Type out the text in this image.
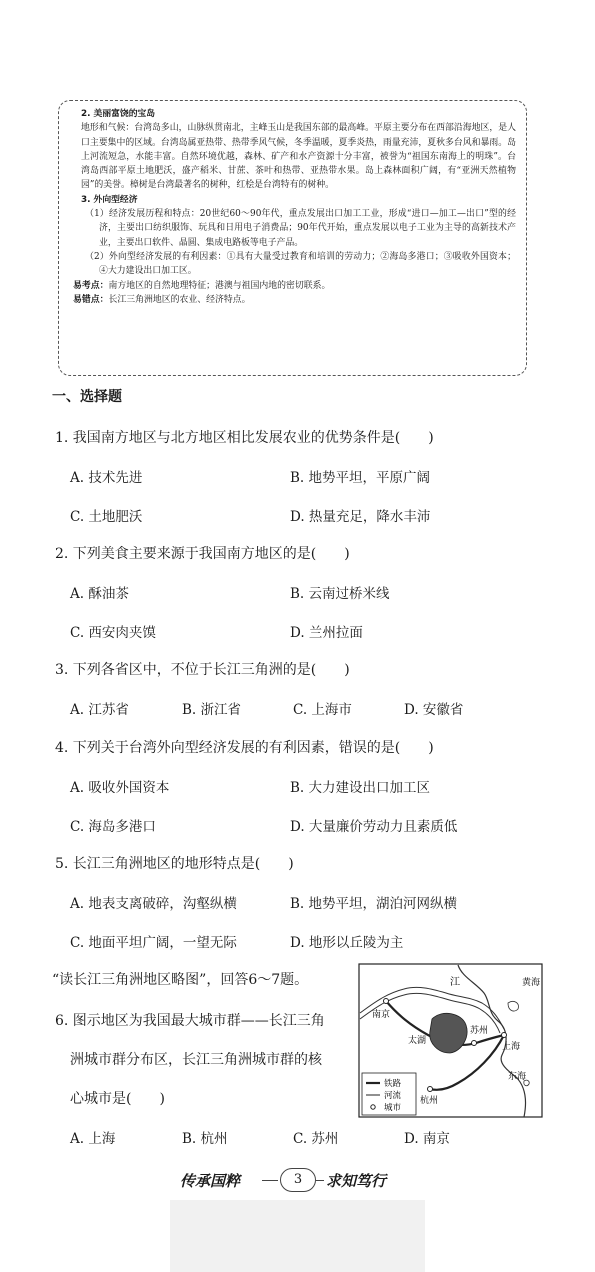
2. 美丽富饶的宝岛

地形和气候：台湾岛多山，山脉纵贯南北，主峰玉山是我国东部的最高峰。平原主要分布在西部沿海地区，是人口主要集中的区域。台湾岛属亚热带、热带季风气候，冬季温暖，夏季炎热，雨量充沛，夏秋多台风和暴雨。岛上河流短急，水能丰富。自然环境优越，森林、矿产和水产资源十分丰富，被誉为“祖国东南海上的明珠”。台湾岛西部平原土地肥沃，盛产稻米、甘蔗、茶叶和热带、亚热带水果。岛上森林面积广阔，有“亚洲天然植物园”的美誉。樟树是台湾最著名的树种，红桧是台湾特有的树种。

3. 外向型经济

（1）经济发展历程和特点：20世纪60～90年代，重点发展出口加工工业，形成“进口—加工—出口”型的经济，主要出口纺织服饰、玩具和日用电子消费品；90年代开始，重点发展以电子工业为主导的高新技术产业，主要出口软件、晶圆、集成电路板等电子产品。

（2）外向型经济发展的有利因素：①具有大量受过教育和培训的劳动力；②海岛多港口；③吸收外国资本；④大力建设出口加工区。

易考点：南方地区的自然地理特征；港澳与祖国内地的密切联系。

易错点：长江三角洲地区的农业、经济特点。

一、选择题
1. 我国南方地区与北方地区相比发展农业的优势条件是(　　)
A. 技术先进	B. 地势平坦，平原广阔
C. 土地肥沃	D. 热量充足，降水丰沛
2. 下列美食主要来源于我国南方地区的是(　　)
A. 酥油茶	B. 云南过桥米线
C. 西安肉夹馍	D. 兰州拉面
3. 下列各省区中，不位于长江三角洲的是(　　)
A. 江苏省	B. 浙江省	C. 上海市	D. 安徽省
4. 下列关于台湾外向型经济发展的有利因素，错误的是(　　)
A. 吸收外国资本	B. 大力建设出口加工区
C. 海岛多港口	D. 大量廉价劳动力且素质低
5. 长江三角洲地区的地形特点是(　　)
A. 地表支离破碎，沟壑纵横	B. 地势平坦，湖泊河网纵横
C. 地面平坦广阔，一望无际	D. 地形以丘陵为主
“读长江三角洲地区略图”，回答6～7题。
6. 图示地区为我国最大城市群——长江三角
洲城市群分布区，长江三角洲城市群的核
心城市是(　　)
A. 上海	B. 杭州	C. 苏州	D. 南京
江
南京
苏州
太湖
上海
杭州
东海
黄海
铁路
河流
城市
传承国粹	3	求知笃行
